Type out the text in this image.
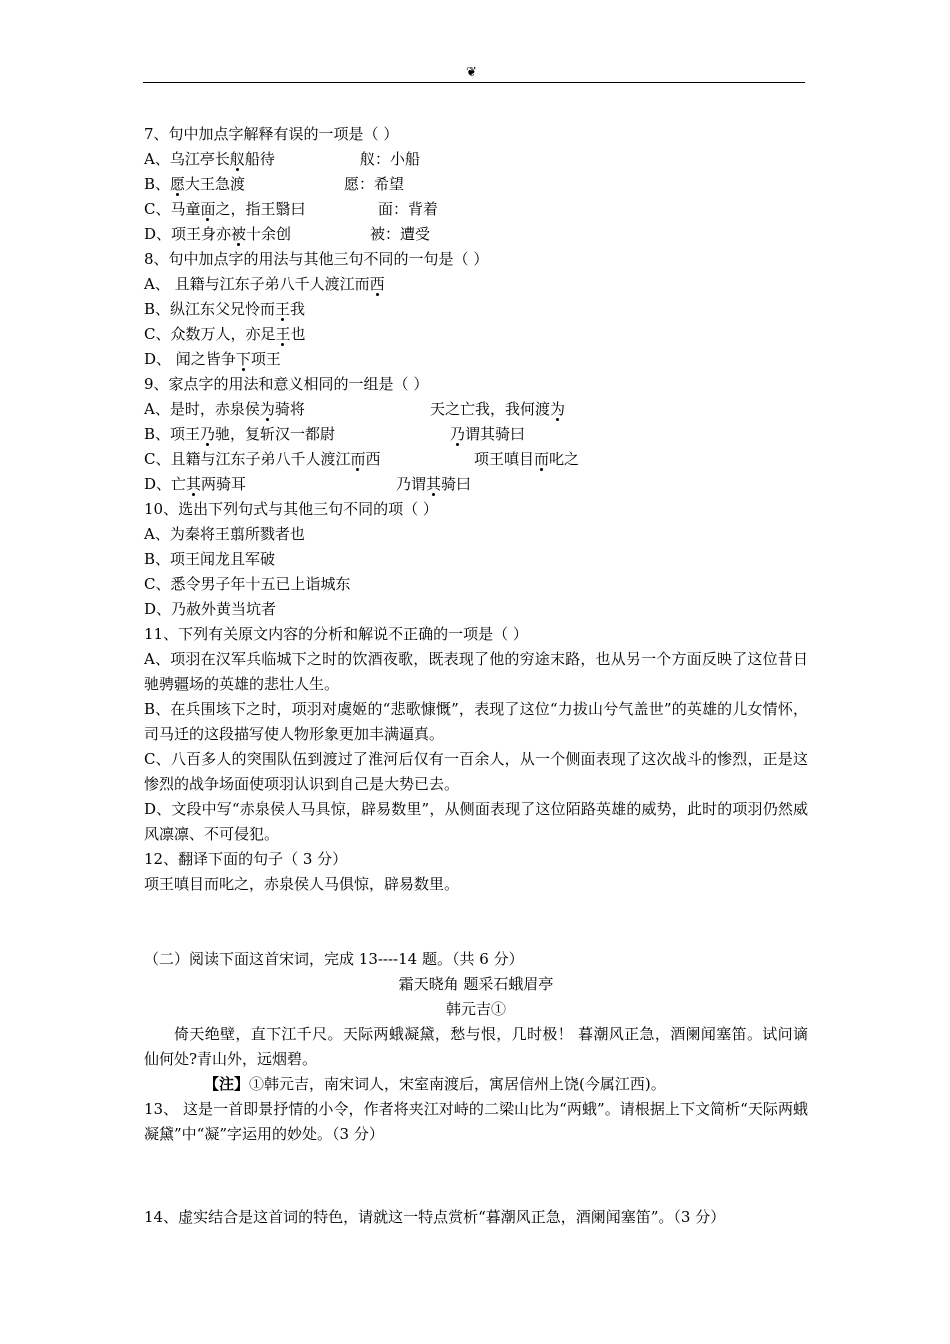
❦
7、句中加点字解释有误的一项是（ ）
A、乌江亭长舣船待	舣：小船
B、愿大王急渡	愿：希望
C、马童面之，指王翳曰	面：背着
D、项王身亦被十余创	被：遭受
8、句中加点字的用法与其他三句不同的一句是（ ）
A、 且籍与江东子弟八千人渡江而西
B、纵江东父兄怜而王我
C、众数万人，亦足王也
D、 闻之皆争下项王
9、家点字的用法和意义相同的一组是（ ）
A、是时，赤泉侯为骑将	天之亡我，我何渡为
B、项王乃驰，复斩汉一都尉	乃谓其骑曰
C、且籍与江东子弟八千人渡江而西	项王嗔目而叱之
D、亡其两骑耳	乃谓其骑曰
10、选出下列句式与其他三句不同的项（ ）
A、为秦将王翦所戮者也
B、项王闻龙且军破
C、悉令男子年十五已上诣城东
D、乃赦外黄当坑者
11、下列有关原文内容的分析和解说不正确的一项是（ ）
A、项羽在汉军兵临城下之时的饮酒夜歌，既表现了他的穷途末路，也从另一个方面反映了这位昔日驰骋疆场的英雄的悲壮人生。
B、在兵围垓下之时，项羽对虞姬的“悲歌慷慨”，表现了这位“力拔山兮气盖世”的英雄的儿女情怀，司马迁的这段描写使人物形象更加丰满逼真。
C、八百多人的突围队伍到渡过了淮河后仅有一百余人，从一个侧面表现了这次战斗的惨烈，正是这惨烈的战争场面使项羽认识到自己是大势已去。
D、文段中写“赤泉侯人马具惊，辟易数里”，从侧面表现了这位陌路英雄的威势，此时的项羽仍然威风凛凛、不可侵犯。
12、翻译下面的句子（ 3 分）
项王嗔目而叱之，赤泉侯人马俱惊，辟易数里。
（二）阅读下面这首宋词，完成 13----14 题。（共 6 分）
霜天晓角 题采石蛾眉亭
韩元吉①
倚天绝壁，直下江千尺。天际两蛾凝黛，愁与恨，几时极！ 暮潮风正急，酒阑闻塞笛。试问谪仙何处?青山外，远烟碧。
【注】①韩元吉，南宋词人，宋室南渡后，寓居信州上饶(今属江西)。
13、 这是一首即景抒情的小令，作者将夹江对峙的二梁山比为“两蛾”。请根据上下文简析“天际两蛾凝黛”中“凝”字运用的妙处。（3 分）
14、虚实结合是这首词的特色，请就这一特点赏析“暮潮风正急，酒阑闻塞笛”。（3 分）
